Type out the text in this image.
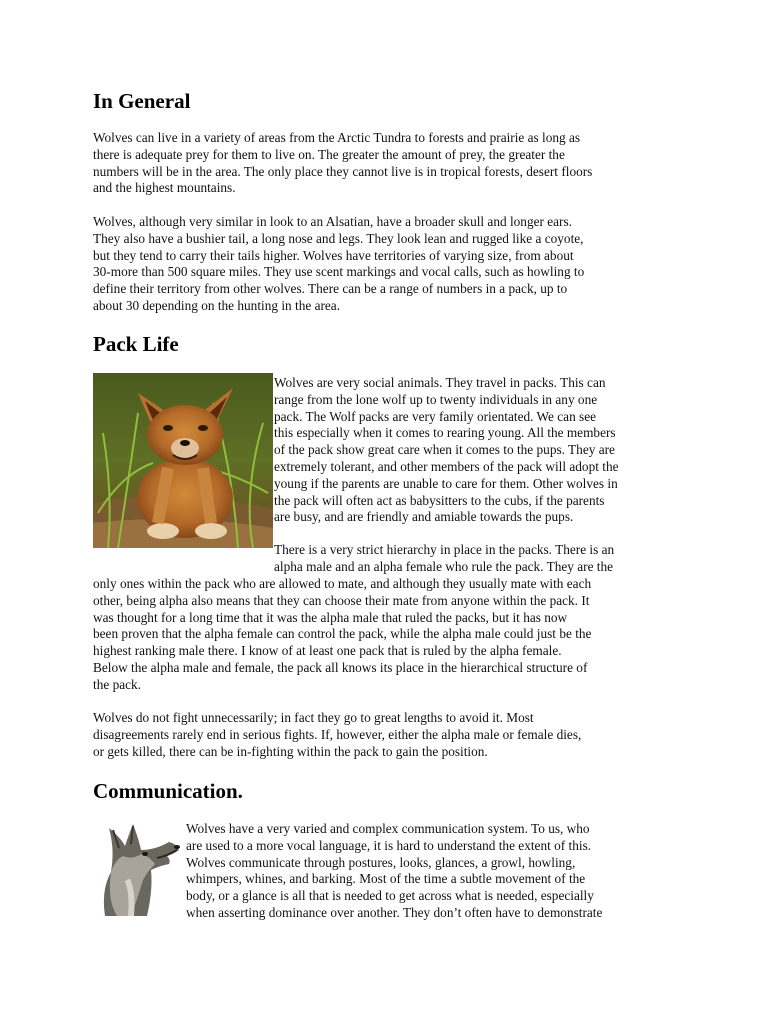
In General
Wolves can live in a variety of areas from the Arctic Tundra to forests and prairie as long as
there is adequate prey for them to live on. The greater the amount of prey, the greater the
numbers will be in the area. The only place they cannot live is in tropical forests, desert floors
and the highest mountains.
Wolves, although very similar in look to an Alsatian, have a broader skull and longer ears.
They also have a bushier tail, a long nose and legs. They look lean and rugged like a coyote,
but they tend to carry their tails higher. Wolves have territories of varying size, from about
30-more than 500 square miles. They use scent markings and vocal calls, such as howling to
define their territory from other wolves. There can be a range of numbers in a pack, up to
about 30 depending on the hunting in the area.
Pack Life
Wolves are very social animals. They travel in packs. This can
range from the lone wolf up to twenty individuals in any one
pack. The Wolf packs are very family orientated. We can see
this especially when it comes to rearing young. All the members
of the pack show great care when it comes to the pups. They are
extremely tolerant, and other members of the pack will adopt the
young if the parents are unable to care for them. Other wolves in
the pack will often act as babysitters to the cubs, if the parents
are busy, and are friendly and amiable towards the pups.
There is a very strict hierarchy in place in the packs. There is an
alpha male and an alpha female who rule the pack. They are the
only ones within the pack who are allowed to mate, and although they usually mate with each
other, being alpha also means that they can choose their mate from anyone within the pack. It
was thought for a long time that it was the alpha male that ruled the packs, but it has now
been proven that the alpha female can control the pack, while the alpha male could just be the
highest ranking male there. I know of at least one pack that is ruled by the alpha female.
Below the alpha male and female, the pack all knows its place in the hierarchical structure of
the pack.
Wolves do not fight unnecessarily; in fact they go to great lengths to avoid it. Most
disagreements rarely end in serious fights. If, however, either the alpha male or female dies,
or gets killed, there can be in-fighting within the pack to gain the position.
Communication.
Wolves have a very varied and complex communication system. To us, who
are used to a more vocal language, it is hard to understand the extent of this.
Wolves communicate through postures, looks, glances, a growl, howling,
whimpers, whines, and barking. Most of the time a subtle movement of the
body, or a glance is all that is needed to get across what is needed, especially
when asserting dominance over another. They don’t often have to demonstrate
